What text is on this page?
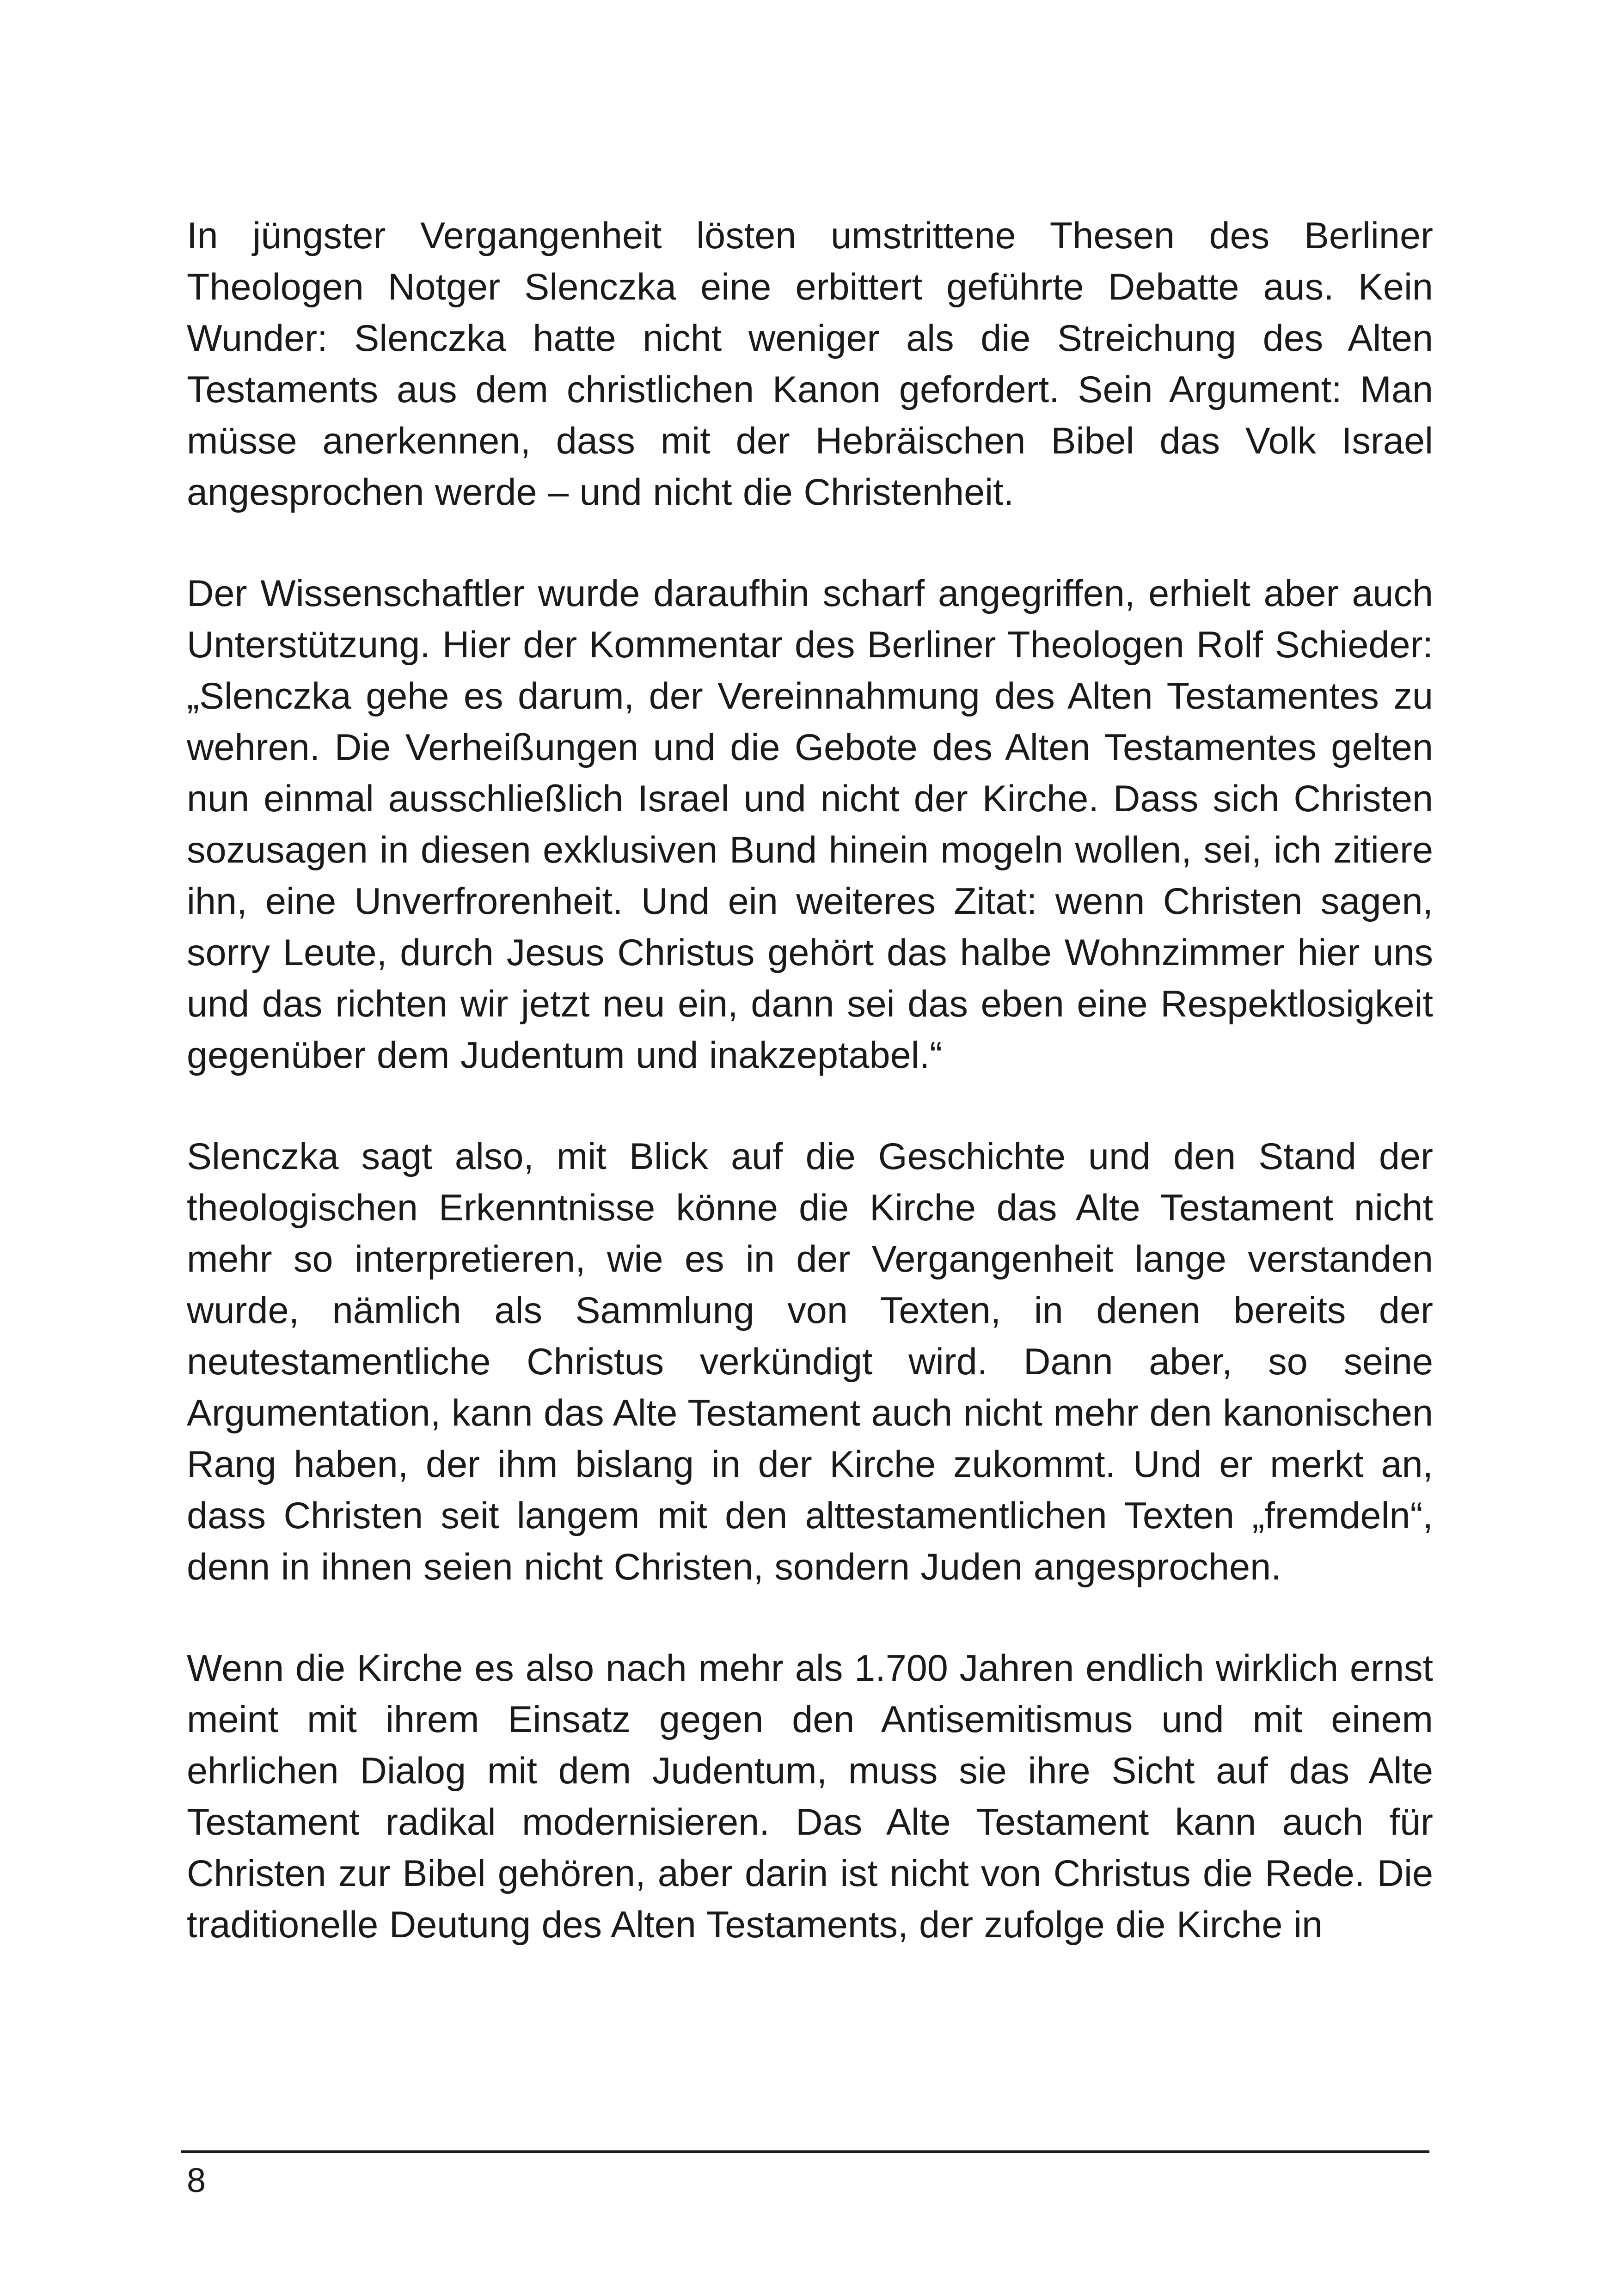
In jüngster Vergangenheit lösten umstrittene Thesen des Berliner Theologen Notger Slenczka eine erbittert geführte Debatte aus. Kein Wunder: Slenczka hatte nicht weniger als die Streichung des Alten Testaments aus dem christlichen Kanon gefordert. Sein Argument: Man müsse anerkennen, dass mit der Hebräischen Bibel das Volk Israel angesprochen werde – und nicht die Christenheit.

Der Wissenschaftler wurde daraufhin scharf angegriffen, erhielt aber auch Unterstützung. Hier der Kommentar des Berliner Theologen Rolf Schieder: „Slenczka gehe es darum, der Vereinnahmung des Alten Testamentes zu wehren. Die Verheißungen und die Gebote des Alten Testamentes gelten nun einmal ausschließlich Israel und nicht der Kirche. Dass sich Christen sozusagen in diesen exklusiven Bund hinein mogeln wollen, sei, ich zitiere ihn, eine Unverfrorenheit. Und ein weiteres Zitat: wenn Christen sagen, sorry Leute, durch Jesus Christus gehört das halbe Wohnzimmer hier uns und das richten wir jetzt neu ein, dann sei das eben eine Respektlosigkeit gegenüber dem Judentum und inakzeptabel.“

Slenczka sagt also, mit Blick auf die Geschichte und den Stand der theologischen Erkenntnisse könne die Kirche das Alte Testament nicht mehr so interpretieren, wie es in der Vergangenheit lange verstanden wurde, nämlich als Sammlung von Texten, in denen bereits der neutestamentliche Christus verkündigt wird. Dann aber, so seine Argumentation, kann das Alte Testament auch nicht mehr den kanonischen Rang haben, der ihm bislang in der Kirche zukommt. Und er merkt an, dass Christen seit langem mit den alttestamentlichen Texten „fremdeln“, denn in ihnen seien nicht Christen, sondern Juden angesprochen.

Wenn die Kirche es also nach mehr als 1.700 Jahren endlich wirklich ernst meint mit ihrem Einsatz gegen den Antisemitismus und mit einem ehrlichen Dialog mit dem Judentum, muss sie ihre Sicht auf das Alte Testament radikal modernisieren. Das Alte Testament kann auch für Christen zur Bibel gehören, aber darin ist nicht von Christus die Rede. Die traditionelle Deutung des Alten Testaments, der zufolge die Kirche in

8
